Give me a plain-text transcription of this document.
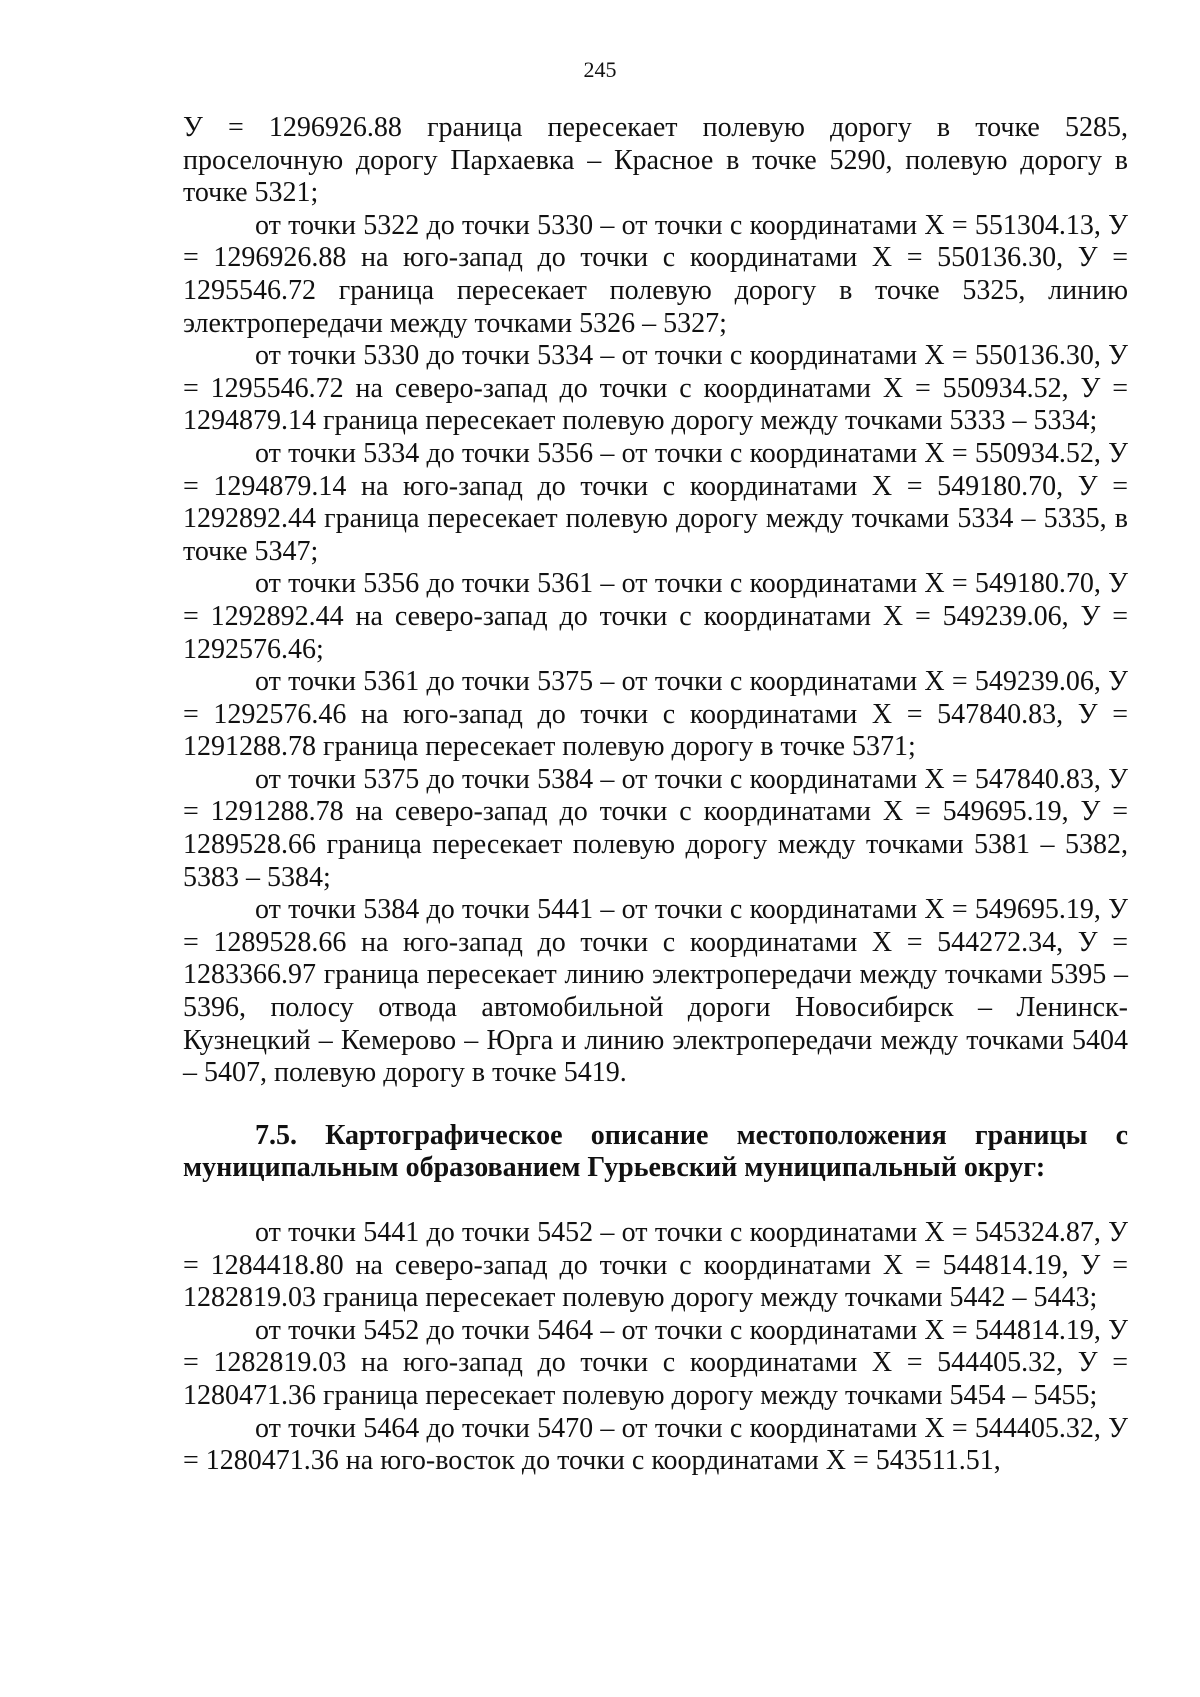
245

У = 1296926.88 граница пересекает полевую дорогу в точке 5285, проселочную дорогу Пархаевка – Красное в точке 5290, полевую дорогу в точке 5321;

от точки 5322 до точки 5330 – от точки с координатами X = 551304.13, У = 1296926.88 на юго-запад до точки с координатами X = 550136.30, У = 1295546.72 граница пересекает полевую дорогу в точке 5325, линию электропередачи между точками 5326 – 5327;

от точки 5330 до точки 5334 – от точки с координатами X = 550136.30, У = 1295546.72 на северо-запад до точки с координатами X = 550934.52, У = 1294879.14 граница пересекает полевую дорогу между точками 5333 – 5334;

от точки 5334 до точки 5356 – от точки с координатами X = 550934.52, У = 1294879.14 на юго-запад до точки с координатами X = 549180.70, У = 1292892.44 граница пересекает полевую дорогу между точками 5334 – 5335, в точке 5347;

от точки 5356 до точки 5361 – от точки с координатами X = 549180.70, У = 1292892.44 на северо-запад до точки с координатами X = 549239.06, У = 1292576.46;

от точки 5361 до точки 5375 – от точки с координатами X = 549239.06, У = 1292576.46 на юго-запад до точки с координатами X = 547840.83, У = 1291288.78 граница пересекает полевую дорогу в точке 5371;

от точки 5375 до точки 5384 – от точки с координатами X = 547840.83, У = 1291288.78 на северо-запад до точки с координатами X = 549695.19, У = 1289528.66 граница пересекает полевую дорогу между точками 5381 – 5382, 5383 – 5384;

от точки 5384 до точки 5441 – от точки с координатами X = 549695.19, У = 1289528.66 на юго-запад до точки с координатами X = 544272.34, У = 1283366.97 граница пересекает линию электропередачи между точками 5395 – 5396, полосу отвода автомобильной дороги Новосибирск – Ленинск-Кузнецкий – Кемерово – Юрга и линию электропередачи между точками 5404 – 5407, полевую дорогу в точке 5419.

7.5. Картографическое описание местоположения границы с муниципальным образованием Гурьевский муниципальный округ:

от точки 5441 до точки 5452 – от точки с координатами X = 545324.87, У = 1284418.80 на северо-запад до точки с координатами X = 544814.19, У = 1282819.03 граница пересекает полевую дорогу между точками 5442 – 5443;

от точки 5452 до точки 5464 – от точки с координатами X = 544814.19, У = 1282819.03 на юго-запад до точки с координатами X = 544405.32, У = 1280471.36 граница пересекает полевую дорогу между точками 5454 – 5455;

от точки 5464 до точки 5470 – от точки с координатами X = 544405.32, У = 1280471.36 на юго-восток до точки с координатами X = 543511.51,
